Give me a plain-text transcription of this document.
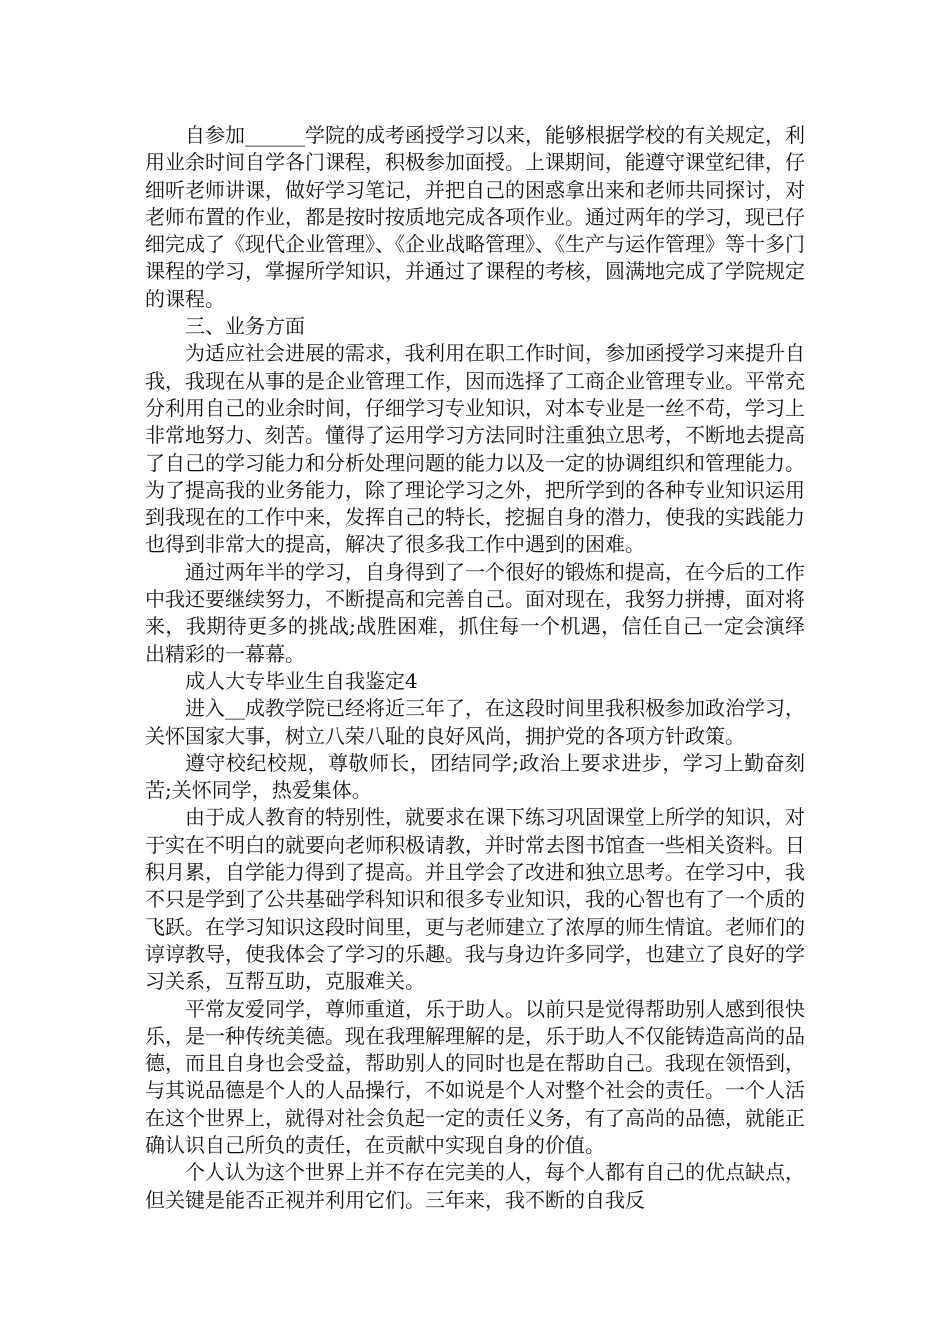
自参加______学院的成考函授学习以来，能够根据学校的有关规定，利用业余时间自学各门课程，积极参加面授。上课期间，能遵守课堂纪律，仔细听老师讲课，做好学习笔记，并把自己的困惑拿出来和老师共同探讨，对老师布置的作业，都是按时按质地完成各项作业。通过两年的学习，现已仔细完成了《现代企业管理》、《企业战略管理》、《生产与运作管理》等十多门课程的学习，掌握所学知识，并通过了课程的考核，圆满地完成了学院规定的课程。

三、业务方面

为适应社会进展的需求，我利用在职工作时间，参加函授学习来提升自我，我现在从事的是企业管理工作，因而选择了工商企业管理专业。平常充分利用自己的业余时间，仔细学习专业知识，对本专业是一丝不苟，学习上非常地努力、刻苦。懂得了运用学习方法同时注重独立思考，不断地去提高了自己的学习能力和分析处理问题的能力以及一定的协调组织和管理能力。为了提高我的业务能力，除了理论学习之外，把所学到的各种专业知识运用到我现在的工作中来，发挥自己的特长，挖掘自身的潜力，使我的实践能力也得到非常大的提高，解决了很多我工作中遇到的困难。

通过两年半的学习，自身得到了一个很好的锻炼和提高，在今后的工作中我还要继续努力，不断提高和完善自己。面对现在，我努力拼搏，面对将来，我期待更多的挑战;战胜困难，抓住每一个机遇，信任自己一定会演绎出精彩的一幕幕。

成人大专毕业生自我鉴定4

进入__成教学院已经将近三年了，在这段时间里我积极参加政治学习，关怀国家大事，树立八荣八耻的良好风尚，拥护党的各项方针政策。

遵守校纪校规，尊敬师长，团结同学;政治上要求进步，学习上勤奋刻苦;关怀同学，热爱集体。

由于成人教育的特别性，就要求在课下练习巩固课堂上所学的知识，对于实在不明白的就要向老师积极请教，并时常去图书馆查一些相关资料。日积月累，自学能力得到了提高。并且学会了改进和独立思考。在学习中，我不只是学到了公共基础学科知识和很多专业知识，我的心智也有了一个质的飞跃。在学习知识这段时间里，更与老师建立了浓厚的师生情谊。老师们的谆谆教导，使我体会了学习的乐趣。我与身边许多同学，也建立了良好的学习关系，互帮互助，克服难关。

平常友爱同学，尊师重道，乐于助人。以前只是觉得帮助别人感到很快乐，是一种传统美德。现在我理解理解的是，乐于助人不仅能铸造高尚的品德，而且自身也会受益，帮助别人的同时也是在帮助自己。我现在领悟到，与其说品德是个人的人品操行，不如说是个人对整个社会的责任。一个人活在这个世界上，就得对社会负起一定的责任义务，有了高尚的品德，就能正确认识自己所负的责任，在贡献中实现自身的价值。

个人认为这个世界上并不存在完美的人，每个人都有自己的优点缺点，但关键是能否正视并利用它们。三年来，我不断的自我反
